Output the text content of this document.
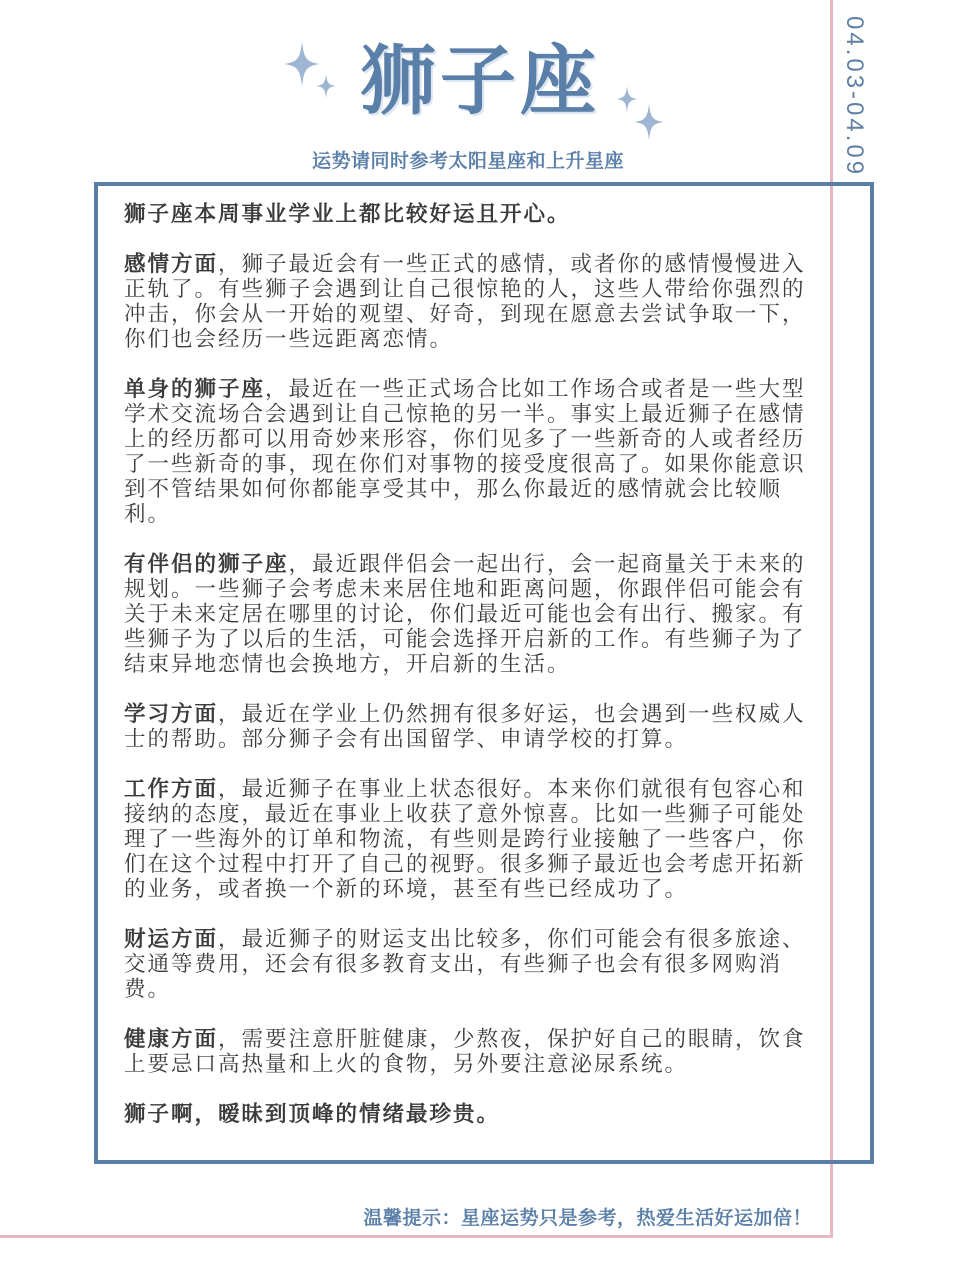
04.03-04.09
狮子座
运势请同时参考太阳星座和上升星座

狮子座本周事业学业上都比较好运且开心。

感情方面，狮子最近会有一些正式的感情，或者你的感情慢慢进入正轨了。有些狮子会遇到让自己很惊艳的人，这些人带给你强烈的冲击，你会从一开始的观望、好奇，到现在愿意去尝试争取一下，你们也会经历一些远距离恋情。

单身的狮子座，最近在一些正式场合比如工作场合或者是一些大型学术交流场合会遇到让自己惊艳的另一半。事实上最近狮子在感情上的经历都可以用奇妙来形容，你们见多了一些新奇的人或者经历了一些新奇的事，现在你们对事物的接受度很高了。如果你能意识到不管结果如何你都能享受其中，那么你最近的感情就会比较顺利。

有伴侣的狮子座，最近跟伴侣会一起出行，会一起商量关于未来的规划。一些狮子会考虑未来居住地和距离问题，你跟伴侣可能会有关于未来定居在哪里的讨论，你们最近可能也会有出行、搬家。有些狮子为了以后的生活，可能会选择开启新的工作。有些狮子为了结束异地恋情也会换地方，开启新的生活。

学习方面，最近在学业上仍然拥有很多好运，也会遇到一些权威人士的帮助。部分狮子会有出国留学、申请学校的打算。

工作方面，最近狮子在事业上状态很好。本来你们就很有包容心和接纳的态度，最近在事业上收获了意外惊喜。比如一些狮子可能处理了一些海外的订单和物流，有些则是跨行业接触了一些客户，你们在这个过程中打开了自己的视野。很多狮子最近也会考虑开拓新的业务，或者换一个新的环境，甚至有些已经成功了。

财运方面，最近狮子的财运支出比较多，你们可能会有很多旅途、交通等费用，还会有很多教育支出，有些狮子也会有很多网购消费。

健康方面，需要注意肝脏健康，少熬夜，保护好自己的眼睛，饮食上要忌口高热量和上火的食物，另外要注意泌尿系统。

狮子啊，暧昧到顶峰的情绪最珍贵。

温馨提示：星座运势只是参考，热爱生活好运加倍！
